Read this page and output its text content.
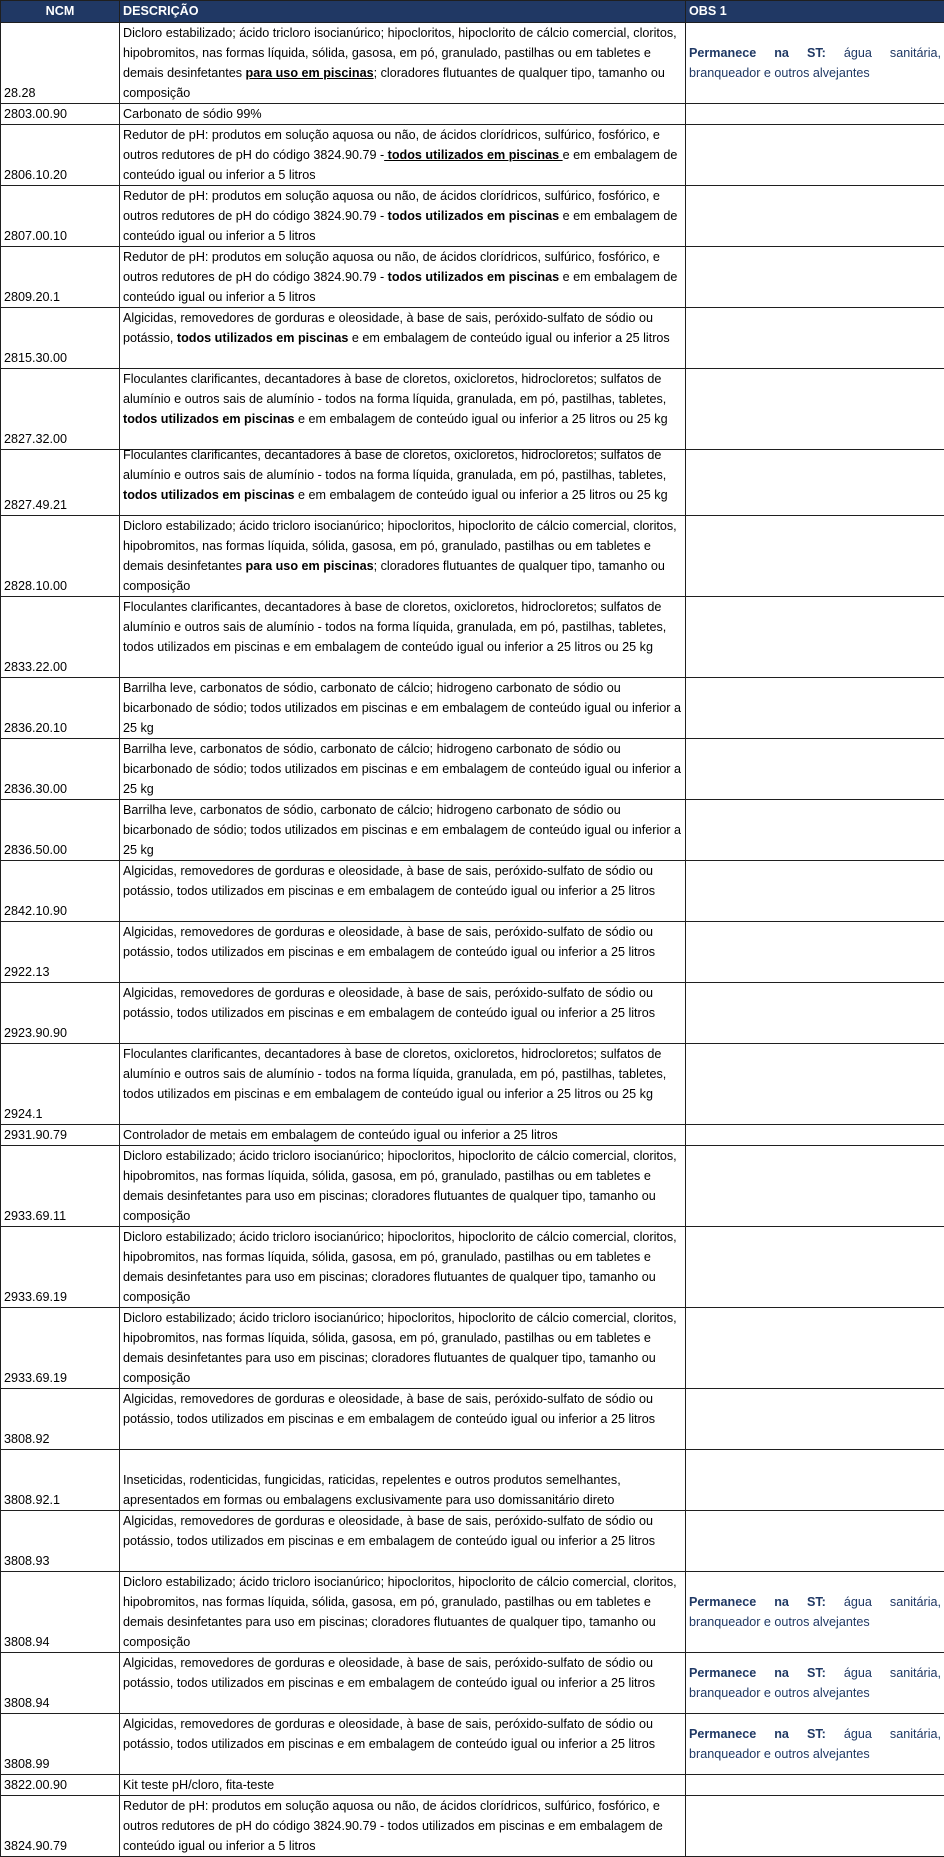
NCM	DESCRIÇÃO	OBS 1
28.28	Dicloro estabilizado; ácido tricloro isocianúrico; hipocloritos, hipoclorito de cálcio comercial, cloritos, hipobromitos, nas formas líquida, sólida, gasosa, em pó, granulado, pastilhas ou em tabletes e demais desinfetantes para uso em piscinas; cloradores flutuantes de qualquer tipo, tamanho ou composição	Permanece na ST: água sanitária, branqueador e outros alvejantes
2803.00.90	Carbonato de sódio 99%	

2806.10.20	Redutor de pH: produtos em solução aquosa ou não, de ácidos clorídricos, sulfúrico, fosfórico, e outros redutores de pH do código 3824.90.79 - todos utilizados em piscinas e em embalagem de conteúdo igual ou inferior a 5 litros	

2807.00.10	Redutor de pH: produtos em solução aquosa ou não, de ácidos clorídricos, sulfúrico, fosfórico, e outros redutores de pH do código 3824.90.79 - todos utilizados em piscinas e em embalagem de conteúdo igual ou inferior a 5 litros	

2809.20.1	Redutor de pH: produtos em solução aquosa ou não, de ácidos clorídricos, sulfúrico, fosfórico, e outros redutores de pH do código 3824.90.79 - todos utilizados em piscinas e em embalagem de conteúdo igual ou inferior a 5 litros	

2815.30.00	Algicidas, removedores de gorduras e oleosidade, à base de sais, peróxido-sulfato de sódio ou potássio, todos utilizados em piscinas e em embalagem de conteúdo igual ou inferior a 25 litros	

2827.32.00	Floculantes clarificantes, decantadores à base de cloretos, oxicloretos, hidrocloretos; sulfatos de alumínio e outros sais de alumínio - todos na forma líquida, granulada, em pó, pastilhas, tabletes, todos utilizados em piscinas e em embalagem de conteúdo igual ou inferior a 25 litros ou 25 kg	

2827.49.21	Floculantes clarificantes, decantadores à base de cloretos, oxicloretos, hidrocloretos; sulfatos de alumínio e outros sais de alumínio - todos na forma líquida, granulada, em pó, pastilhas, tabletes, todos utilizados em piscinas e em embalagem de conteúdo igual ou inferior a 25 litros ou 25 kg	

2828.10.00	Dicloro estabilizado; ácido tricloro isocianúrico; hipocloritos, hipoclorito de cálcio comercial, cloritos, hipobromitos, nas formas líquida, sólida, gasosa, em pó, granulado, pastilhas ou em tabletes e demais desinfetantes para uso em piscinas; cloradores flutuantes de qualquer tipo, tamanho ou composição	

2833.22.00	Floculantes clarificantes, decantadores à base de cloretos, oxicloretos, hidrocloretos; sulfatos de alumínio e outros sais de alumínio - todos na forma líquida, granulada, em pó, pastilhas, tabletes, todos utilizados em piscinas e em embalagem de conteúdo igual ou inferior a 25 litros ou 25 kg	

2836.20.10	Barrilha leve, carbonatos de sódio, carbonato de cálcio; hidrogeno carbonato de sódio ou bicarbonado de sódio; todos utilizados em piscinas e em embalagem de conteúdo igual ou inferior a 25 kg	

2836.30.00	Barrilha leve, carbonatos de sódio, carbonato de cálcio; hidrogeno carbonato de sódio ou bicarbonado de sódio; todos utilizados em piscinas e em embalagem de conteúdo igual ou inferior a 25 kg	

2836.50.00	Barrilha leve, carbonatos de sódio, carbonato de cálcio; hidrogeno carbonato de sódio ou bicarbonado de sódio; todos utilizados em piscinas e em embalagem de conteúdo igual ou inferior a 25 kg	

2842.10.90	Algicidas, removedores de gorduras e oleosidade, à base de sais, peróxido-sulfato de sódio ou potássio, todos utilizados em piscinas e em embalagem de conteúdo igual ou inferior a 25 litros	

2922.13	Algicidas, removedores de gorduras e oleosidade, à base de sais, peróxido-sulfato de sódio ou potássio, todos utilizados em piscinas e em embalagem de conteúdo igual ou inferior a 25 litros	

2923.90.90	Algicidas, removedores de gorduras e oleosidade, à base de sais, peróxido-sulfato de sódio ou potássio, todos utilizados em piscinas e em embalagem de conteúdo igual ou inferior a 25 litros	

2924.1	Floculantes clarificantes, decantadores à base de cloretos, oxicloretos, hidrocloretos; sulfatos de alumínio e outros sais de alumínio - todos na forma líquida, granulada, em pó, pastilhas, tabletes, todos utilizados em piscinas e em embalagem de conteúdo igual ou inferior a 25 litros ou 25 kg	

2931.90.79	Controlador de metais em embalagem de conteúdo igual ou inferior a 25 litros	

2933.69.11	Dicloro estabilizado; ácido tricloro isocianúrico; hipocloritos, hipoclorito de cálcio comercial, cloritos, hipobromitos, nas formas líquida, sólida, gasosa, em pó, granulado, pastilhas ou em tabletes e demais desinfetantes para uso em piscinas; cloradores flutuantes de qualquer tipo, tamanho ou composição	

2933.69.19	Dicloro estabilizado; ácido tricloro isocianúrico; hipocloritos, hipoclorito de cálcio comercial, cloritos, hipobromitos, nas formas líquida, sólida, gasosa, em pó, granulado, pastilhas ou em tabletes e demais desinfetantes para uso em piscinas; cloradores flutuantes de qualquer tipo, tamanho ou composição	

2933.69.19	Dicloro estabilizado; ácido tricloro isocianúrico; hipocloritos, hipoclorito de cálcio comercial, cloritos, hipobromitos, nas formas líquida, sólida, gasosa, em pó, granulado, pastilhas ou em tabletes e demais desinfetantes para uso em piscinas; cloradores flutuantes de qualquer tipo, tamanho ou composição	

3808.92	Algicidas, removedores de gorduras e oleosidade, à base de sais, peróxido-sulfato de sódio ou potássio, todos utilizados em piscinas e em embalagem de conteúdo igual ou inferior a 25 litros	

3808.92.1	Inseticidas, rodenticidas, fungicidas, raticidas, repelentes e outros produtos semelhantes, apresentados em formas ou embalagens exclusivamente para uso domissanitário direto	

3808.93	Algicidas, removedores de gorduras e oleosidade, à base de sais, peróxido-sulfato de sódio ou potássio, todos utilizados em piscinas e em embalagem de conteúdo igual ou inferior a 25 litros	

3808.94	Dicloro estabilizado; ácido tricloro isocianúrico; hipocloritos, hipoclorito de cálcio comercial, cloritos, hipobromitos, nas formas líquida, sólida, gasosa, em pó, granulado, pastilhas ou em tabletes e demais desinfetantes para uso em piscinas; cloradores flutuantes de qualquer tipo, tamanho ou composição	Permanece na ST: água sanitária, branqueador e outros alvejantes
3808.94	Algicidas, removedores de gorduras e oleosidade, à base de sais, peróxido-sulfato de sódio ou potássio, todos utilizados em piscinas e em embalagem de conteúdo igual ou inferior a 25 litros	Permanece na ST: água sanitária, branqueador e outros alvejantes
3808.99	Algicidas, removedores de gorduras e oleosidade, à base de sais, peróxido-sulfato de sódio ou potássio, todos utilizados em piscinas e em embalagem de conteúdo igual ou inferior a 25 litros	Permanece na ST: água sanitária, branqueador e outros alvejantes
3822.00.90	Kit teste pH/cloro, fita-teste	

3824.90.79	Redutor de pH: produtos em solução aquosa ou não, de ácidos clorídricos, sulfúrico, fosfórico, e outros redutores de pH do código 3824.90.79 - todos utilizados em piscinas e em embalagem de conteúdo igual ou inferior a 5 litros	
